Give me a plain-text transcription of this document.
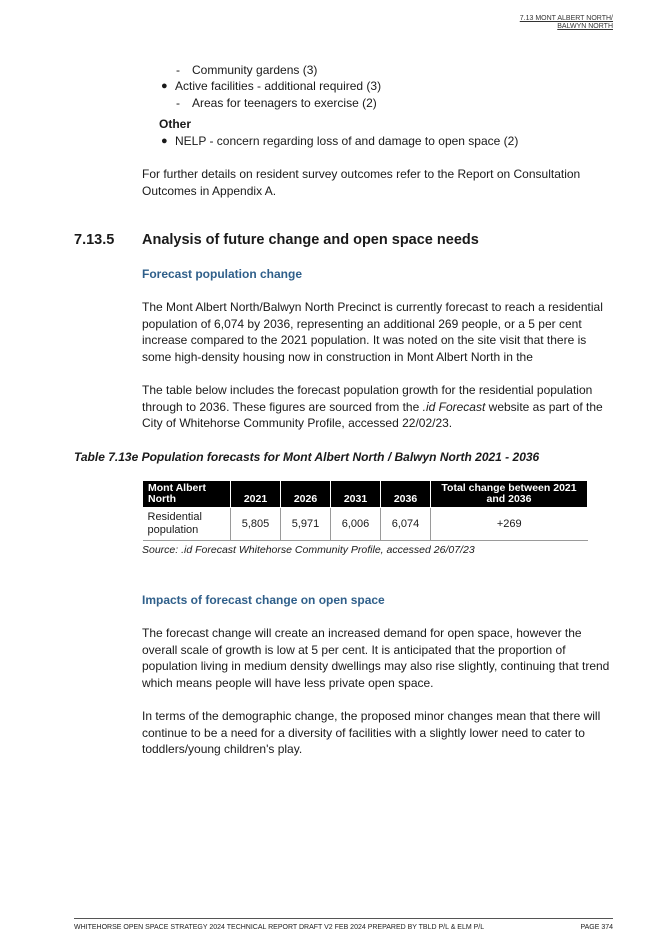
7.13 MONT ALBERT NORTH/
BALWYN NORTH
- Community gardens (3)
● Active facilities - additional required (3)
- Areas for teenagers to exercise (2)
Other
● NELP - concern regarding loss of and damage to open space (2)
For further details on resident survey outcomes refer to the Report on Consultation Outcomes in Appendix A.
7.13.5 Analysis of future change and open space needs
Forecast population change
The Mont Albert North/Balwyn North Precinct is currently forecast to reach a residential population of 6,074 by 2036, representing an additional 269 people, or a 5 per cent increase compared to the 2021 population. It was noted on the site visit that there is some high-density housing now in construction in Mont Albert North in the
The table below includes the forecast population growth for the residential population through to 2036. These figures are sourced from the .id Forecast website as part of the City of Whitehorse Community Profile, accessed 22/02/23.
Table 7.13e Population forecasts for Mont Albert North / Balwyn North 2021 - 2036
Mont Albert North	2021	2026	2031	2036	Total change between 2021 and 2036
Residential population	5,805	5,971	6,006	6,074	+269
Source: .id Forecast Whitehorse Community Profile, accessed 26/07/23
Impacts of forecast change on open space
The forecast change will create an increased demand for open space, however the overall scale of growth is low at 5 per cent. It is anticipated that the proportion of population living in medium density dwellings may also rise slightly, continuing that trend which means people will have less private open space.
In terms of the demographic change, the proposed minor changes mean that there will continue to be a need for a diversity of facilities with a slightly lower need to cater to toddlers/young children's play.
WHITEHORSE OPEN SPACE STRATEGY 2024 TECHNICAL REPORT DRAFT V2 FEB 2024 PREPARED BY TBLD P/L & ELM P/L	PAGE 374
